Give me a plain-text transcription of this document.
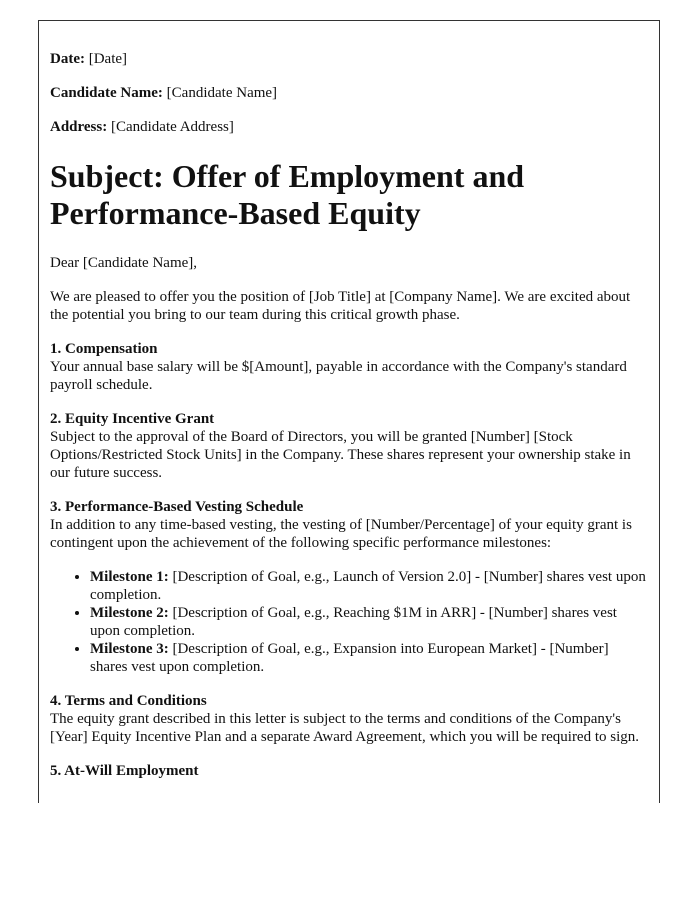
Date: [Date]

Candidate Name: [Candidate Name]

Address: [Candidate Address]

Subject: Offer of Employment and Performance-Based Equity

Dear [Candidate Name],

We are pleased to offer you the position of [Job Title] at [Company Name]. We are excited about the potential you bring to our team during this critical growth phase.

1. Compensation
Your annual base salary will be $[Amount], payable in accordance with the Company's standard payroll schedule.

2. Equity Incentive Grant
Subject to the approval of the Board of Directors, you will be granted [Number] [Stock Options/Restricted Stock Units] in the Company. These shares represent your ownership stake in our future success.

3. Performance-Based Vesting Schedule
In addition to any time-based vesting, the vesting of [Number/Percentage] of your equity grant is contingent upon the achievement of the following specific performance milestones:

• Milestone 1: [Description of Goal, e.g., Launch of Version 2.0] - [Number] shares vest upon completion.
• Milestone 2: [Description of Goal, e.g., Reaching $1M in ARR] - [Number] shares vest upon completion.
• Milestone 3: [Description of Goal, e.g., Expansion into European Market] - [Number] shares vest upon completion.

4. Terms and Conditions
The equity grant described in this letter is subject to the terms and conditions of the Company's [Year] Equity Incentive Plan and a separate Award Agreement, which you will be required to sign.

5. At-Will Employment
